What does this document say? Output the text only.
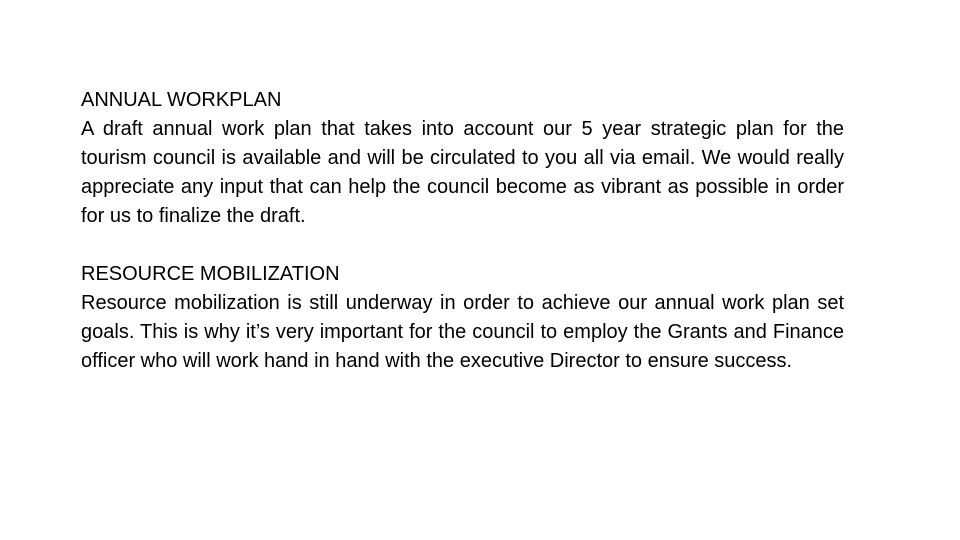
ANNUAL WORKPLAN

A draft annual work plan that takes into account our 5 year strategic plan for the tourism council is available and will be circulated to you all via email. We would really appreciate any input that can help the council become as vibrant as possible in order for us to finalize the draft.

RESOURCE MOBILIZATION

Resource mobilization is still underway in order to achieve our annual work plan set goals. This is why it’s very important for the council to employ the Grants and Finance officer who will work hand in hand with the executive Director to ensure success.
